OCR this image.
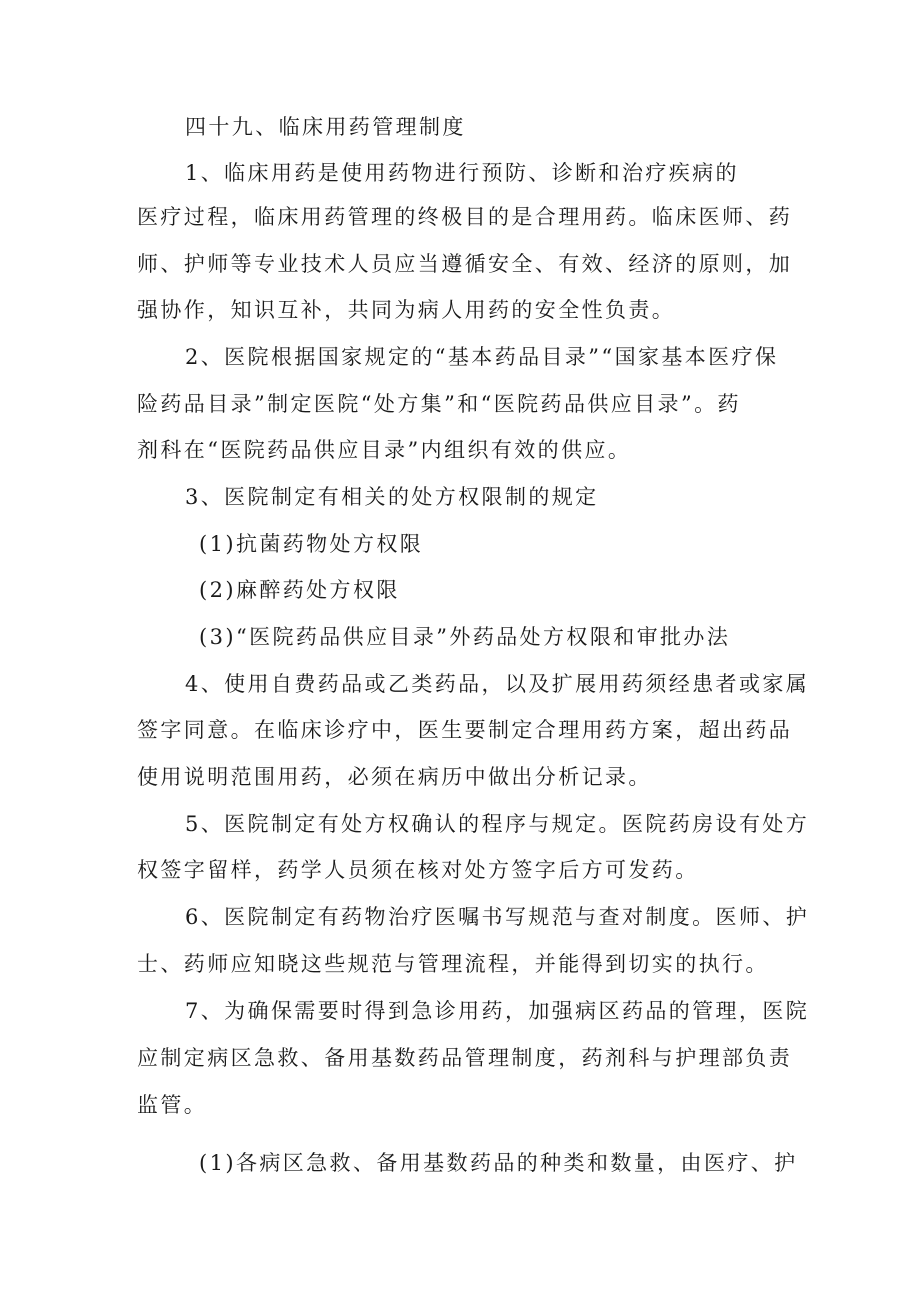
四十九、临床用药管理制度
1、临床用药是使用药物进行预防、诊断和治疗疾病的
医疗过程，临床用药管理的终极目的是合理用药。临床医师、药
师、护师等专业技术人员应当遵循安全、有效、经济的原则，加
强协作，知识互补，共同为病人用药的安全性负责。
2、医院根据国家规定的“基本药品目录”“国家基本医疗保
险药品目录”制定医院“处方集”和“医院药品供应目录”。药
剂科在“医院药品供应目录”内组织有效的供应。
3、医院制定有相关的处方权限制的规定
(1)抗菌药物处方权限
(2)麻醉药处方权限
(3)“医院药品供应目录”外药品处方权限和审批办法
4、使用自费药品或乙类药品，以及扩展用药须经患者或家属
签字同意。在临床诊疗中，医生要制定合理用药方案，超出药品
使用说明范围用药，必须在病历中做出分析记录。
5、医院制定有处方权确认的程序与规定。医院药房设有处方
权签字留样，药学人员须在核对处方签字后方可发药。
6、医院制定有药物治疗医嘱书写规范与查对制度。医师、护
士、药师应知晓这些规范与管理流程，并能得到切实的执行。
7、为确保需要时得到急诊用药，加强病区药品的管理，医院
应制定病区急救、备用基数药品管理制度，药剂科与护理部负责
监管。
(1)各病区急救、备用基数药品的种类和数量，由医疗、护
